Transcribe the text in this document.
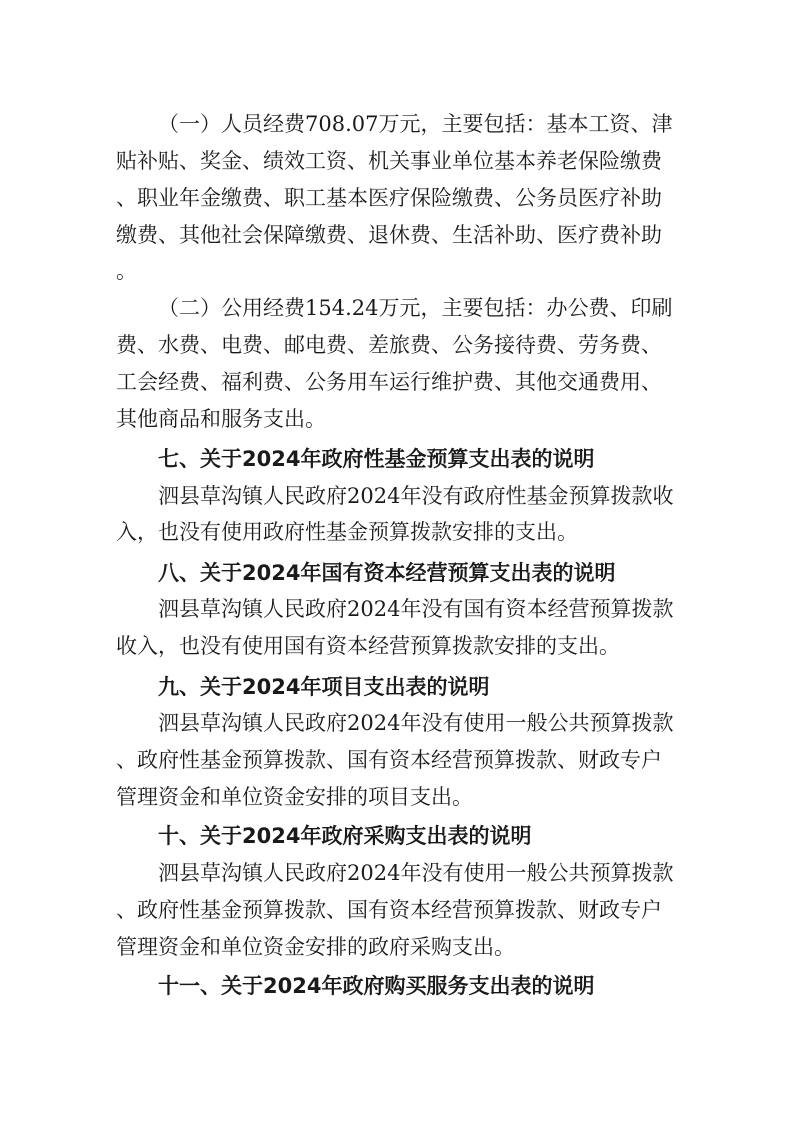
（一）人员经费708.07万元，主要包括：基本工资、津
贴补贴、奖金、绩效工资、机关事业单位基本养老保险缴费
、职业年金缴费、职工基本医疗保险缴费、公务员医疗补助
缴费、其他社会保障缴费、退休费、生活补助、医疗费补助
。
（二）公用经费154.24万元，主要包括：办公费、印刷
费、水费、电费、邮电费、差旅费、公务接待费、劳务费、
工会经费、福利费、公务用车运行维护费、其他交通费用、
其他商品和服务支出。
七、关于2024年政府性基金预算支出表的说明
泗县草沟镇人民政府2024年没有政府性基金预算拨款收
入，也没有使用政府性基金预算拨款安排的支出。
八、关于2024年国有资本经营预算支出表的说明
泗县草沟镇人民政府2024年没有国有资本经营预算拨款
收入，也没有使用国有资本经营预算拨款安排的支出。
九、关于2024年项目支出表的说明
泗县草沟镇人民政府2024年没有使用一般公共预算拨款
、政府性基金预算拨款、国有资本经营预算拨款、财政专户
管理资金和单位资金安排的项目支出。
十、关于2024年政府采购支出表的说明
泗县草沟镇人民政府2024年没有使用一般公共预算拨款
、政府性基金预算拨款、国有资本经营预算拨款、财政专户
管理资金和单位资金安排的政府采购支出。
十一、关于2024年政府购买服务支出表的说明
